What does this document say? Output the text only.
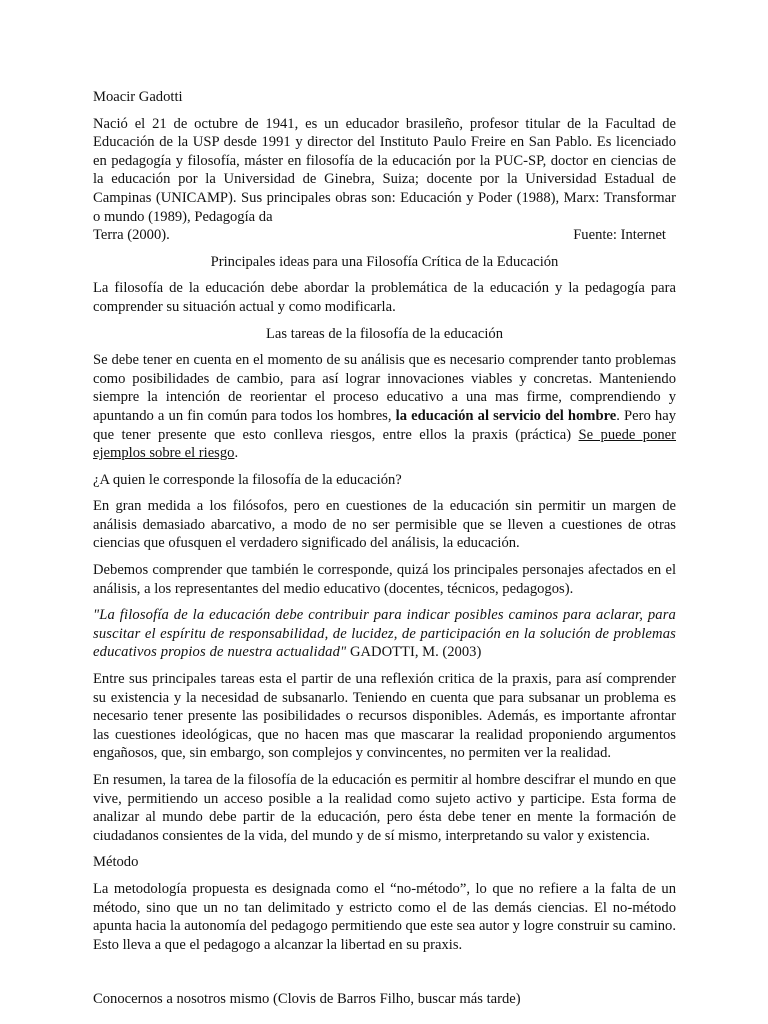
Moacir Gadotti

Nació el 21 de octubre de 1941, es un educador brasileño, profesor titular de la Facultad de Educación de la USP desde 1991 y director del Instituto Paulo Freire en San Pablo. Es licenciado en pedagogía y filosofía, máster en filosofía de la educación por la PUC-SP, doctor en ciencias de la educación por la Universidad de Ginebra, Suiza; docente por la Universidad Estadual de Campinas (UNICAMP). Sus principales obras son: Educación y Poder (1988), Marx: Transformar o mundo (1989), Pedagogía da

Terra (2000).	Fuente: Internet

Principales ideas para una Filosofía Crítica de la Educación

La filosofía de la educación debe abordar la problemática de la educación y la pedagogía para comprender su situación actual y como modificarla.

Las tareas de la filosofía de la educación

Se debe tener en cuenta en el momento de su análisis que es necesario comprender tanto problemas como posibilidades de cambio, para así lograr innovaciones viables y concretas. Manteniendo siempre la intención de reorientar el proceso educativo a una mas firme, comprendiendo y apuntando a un fin común para todos los hombres, la educación al servicio del hombre. Pero hay que tener presente que esto conlleva riesgos, entre ellos la praxis (práctica) Se puede poner ejemplos sobre el riesgo.

¿A quien le corresponde la filosofía de la educación?

En gran medida a los filósofos, pero en cuestiones de la educación sin permitir un margen de análisis demasiado abarcativo, a modo de no ser permisible que se lleven a cuestiones de otras ciencias que ofusquen el verdadero significado del análisis, la educación.

Debemos comprender que también le corresponde, quizá los principales personajes afectados en el análisis, a los representantes del medio educativo (docentes, técnicos, pedagogos).

"La filosofía de la educación debe contribuir para indicar posibles caminos para aclarar, para suscitar el espíritu de responsabilidad, de lucidez, de participación en la solución de problemas educativos propios de nuestra actualidad" GADOTTI, M. (2003)

Entre sus principales tareas esta el partir de una reflexión critica de la praxis, para así comprender su existencia y la necesidad de subsanarlo. Teniendo en cuenta que para subsanar un problema es necesario tener presente las posibilidades o recursos disponibles. Además, es importante afrontar las cuestiones ideológicas, que no hacen mas que mascarar la realidad proponiendo argumentos engañosos, que, sin embargo, son complejos y convincentes, no permiten ver la realidad.

En resumen, la tarea de la filosofía de la educación es permitir al hombre descifrar el mundo en que vive, permitiendo un acceso posible a la realidad como sujeto activo y participe. Esta forma de analizar al mundo debe partir de la educación, pero ésta debe tener en mente la formación de ciudadanos consientes de la vida, del mundo y de sí mismo, interpretando su valor y existencia.

Método

La metodología propuesta es designada como el “no-método”, lo que no refiere a la falta de un método, sino que un no tan delimitado y estricto como el de las demás ciencias. El no-método apunta hacia la autonomía del pedagogo permitiendo que este sea autor y logre construir su camino. Esto lleva a que el pedagogo a alcanzar la libertad en su praxis.

Conocernos a nosotros mismo (Clovis de Barros Filho, buscar más tarde)
